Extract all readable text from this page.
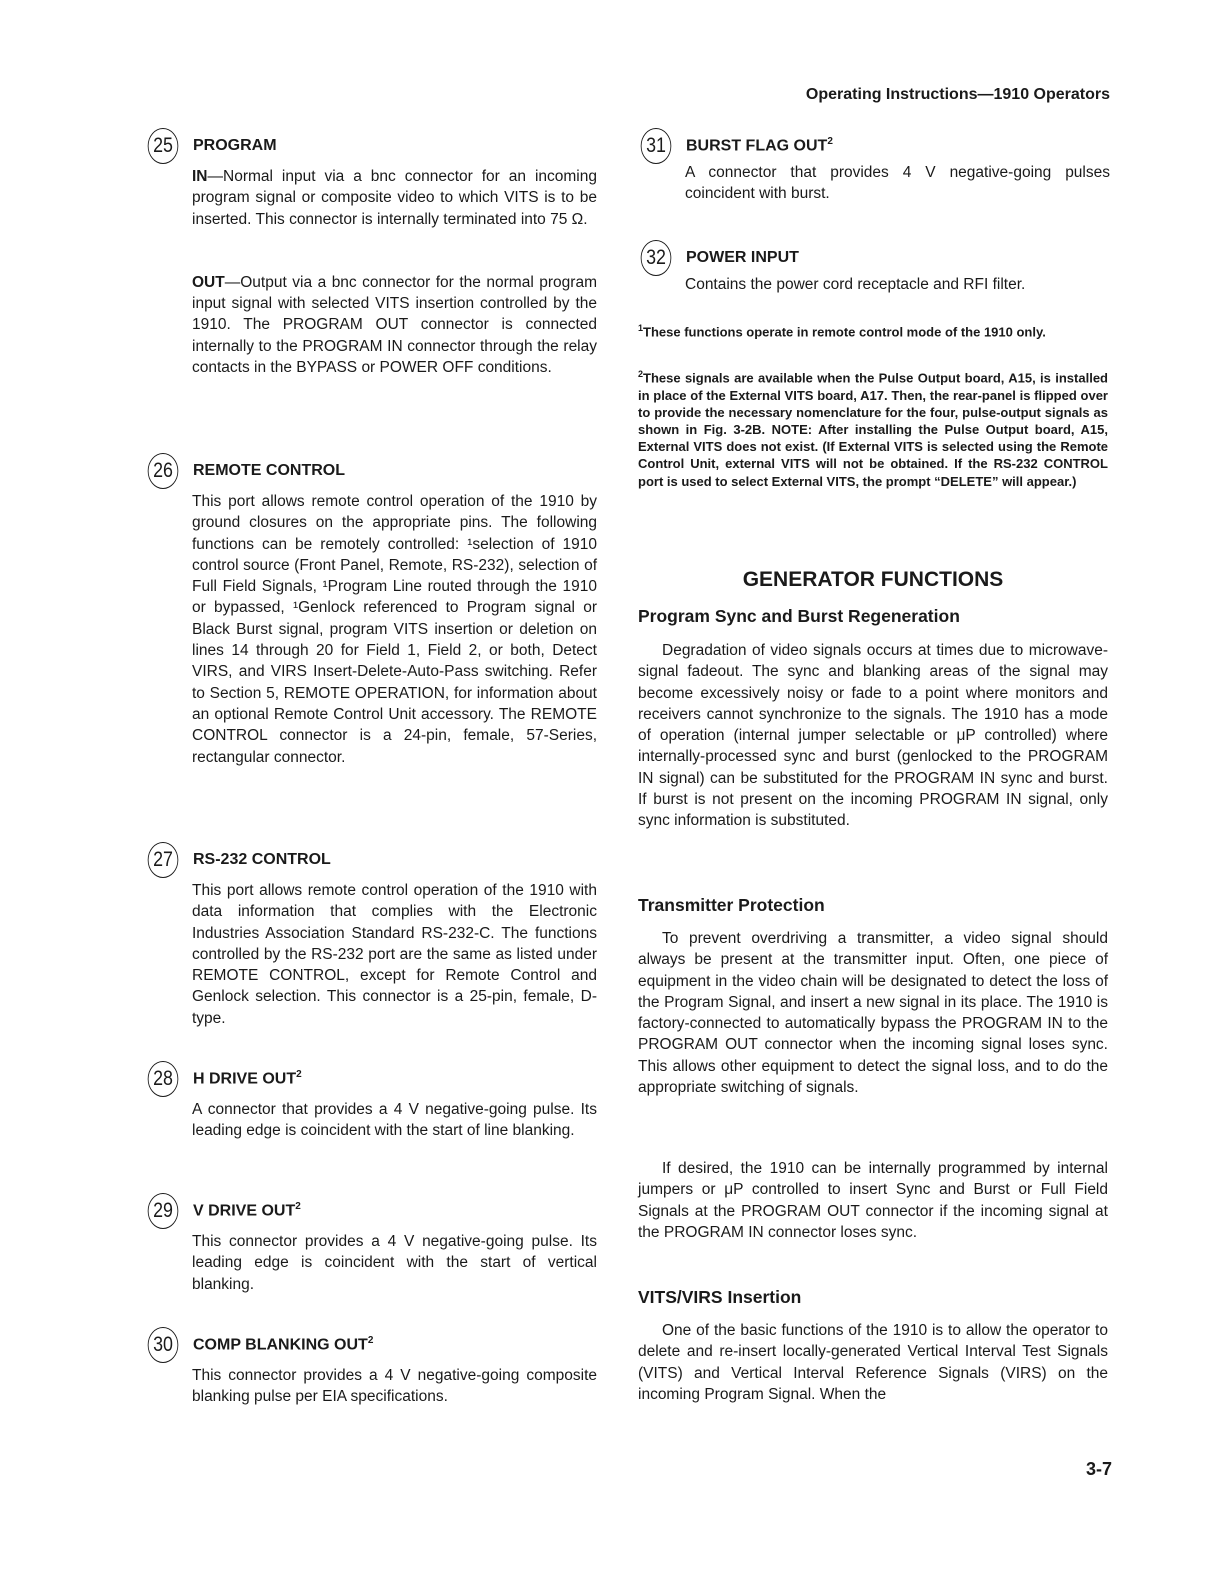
Operating Instructions—1910 Operators
25	PROGRAM

IN—Normal input via a bnc connector for an incoming program signal or composite video to which VITS is to be inserted. This connector is internally terminated into 75 Ω.

OUT—Output via a bnc connector for the normal program input signal with selected VITS insertion controlled by the 1910. The PROGRAM OUT connector is connected internally to the PROGRAM IN connector through the relay contacts in the BYPASS or POWER OFF conditions.

26	REMOTE CONTROL
This port allows remote control operation of the 1910 by ground closures on the appropriate pins. The following functions can be remotely controlled: ¹selection of 1910 control source (Front Panel, Remote, RS-232), selection of Full Field Signals, ¹Program Line routed through the 1910 or bypassed, ¹Genlock referenced to Program signal or Black Burst signal, program VITS insertion or deletion on lines 14 through 20 for Field 1, Field 2, or both, Detect VIRS, and VIRS Insert-Delete-Auto-Pass switching. Refer to Section 5, REMOTE OPERATION, for information about an optional Remote Control Unit accessory. The REMOTE CONTROL connector is a 24-pin, female, 57-Series, rectangular connector.
27	RS-232 CONTROL
This port allows remote control operation of the 1910 with data information that complies with the Electronic Industries Association Standard RS-232-C. The functions controlled by the RS-232 port are the same as listed under REMOTE CONTROL, except for Remote Control and Genlock selection. This connector is a 25-pin, female, D-type.
28	H DRIVE OUT$^2$
A connector that provides a 4 V negative-going pulse. Its leading edge is coincident with the start of line blanking.
29	V DRIVE OUT$^2$
This connector provides a 4 V negative-going pulse. Its leading edge is coincident with the start of vertical blanking.
30	COMP BLANKING OUT$^2$
This connector provides a 4 V negative-going composite blanking pulse per EIA specifications.
31	BURST FLAG OUT$^2$
A connector that provides 4 V negative-going pulses coincident with burst.
32	POWER INPUT
Contains the power cord receptacle and RFI filter.
$^1$These functions operate in remote control mode of the 1910 only.
$^2$These signals are available when the Pulse Output board, A15, is installed in place of the External VITS board, A17. Then, the rear-panel is flipped over to provide the necessary nomenclature for the four, pulse-output signals as shown in Fig. 3-2B. NOTE: After installing the Pulse Output board, A15, External VITS does not exist. (If External VITS is selected using the Remote Control Unit, external VITS will not be obtained. If the RS-232 CONTROL port is used to select External VITS, the prompt “DELETE” will appear.)
GENERATOR FUNCTIONS
Program Sync and Burst Regeneration
Degradation of video signals occurs at times due to microwave-signal fadeout. The sync and blanking areas of the signal may become excessively noisy or fade to a point where monitors and receivers cannot synchronize to the signals. The 1910 has a mode of operation (internal jumper selectable or μP controlled) where internally-processed sync and burst (genlocked to the PROGRAM IN signal) can be substituted for the PROGRAM IN sync and burst. If burst is not present on the incoming PROGRAM IN signal, only sync information is substituted.
Transmitter Protection
To prevent overdriving a transmitter, a video signal should always be present at the transmitter input. Often, one piece of equipment in the video chain will be designated to detect the loss of the Program Signal, and insert a new signal in its place. The 1910 is factory-connected to automatically bypass the PROGRAM IN to the PROGRAM OUT connector when the incoming signal loses sync. This allows other equipment to detect the signal loss, and to do the appropriate switching of signals.
If desired, the 1910 can be internally programmed by internal jumpers or μP controlled to insert Sync and Burst or Full Field Signals at the PROGRAM OUT connector if the incoming signal at the PROGRAM IN connector loses sync.
VITS/VIRS Insertion
One of the basic functions of the 1910 is to allow the operator to delete and re-insert locally-generated Vertical Interval Test Signals (VITS) and Vertical Interval Reference Signals (VIRS) on the incoming Program Signal. When the
3-7
